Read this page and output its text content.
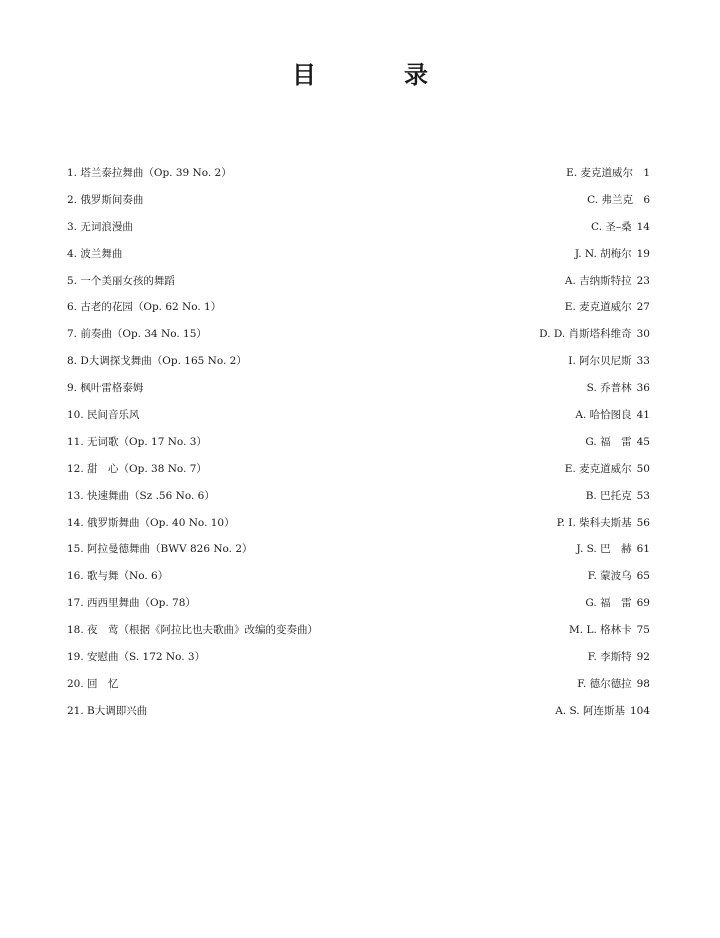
目　录
1. 塔兰泰拉舞曲（Op. 39 No. 2） ·····	E. 麦克道威尔 1
2. 俄罗斯间奏曲 ·····	C. 弗兰克 6
3. 无词浪漫曲 ·····	C. 圣–桑 14
4. 波兰舞曲 ·····	J. N. 胡梅尔 19
5. 一个美丽女孩的舞蹈 ·····	A. 吉纳斯特拉 23
6. 古老的花园（Op. 62 No. 1） ·····	E. 麦克道威尔 27
7. 前奏曲（Op. 34 No. 15） ·····	D. D. 肖斯塔科维奇 30
8. D大调探戈舞曲（Op. 165 No. 2） ·····	I. 阿尔贝尼斯 33
9. 枫叶雷格泰姆 ·····	S. 乔普林 36
10. 民间音乐风 ·····	A. 哈恰图良 41
11. 无词歌（Op. 17 No. 3） ·····	G. 福　雷 45
12. 甜　心（Op. 38 No. 7） ·····	E. 麦克道威尔 50
13. 快速舞曲（Sz .56 No. 6） ·····	B. 巴托克 53
14. 俄罗斯舞曲（Op. 40 No. 10） ·····	P. I. 柴科夫斯基 56
15. 阿拉曼德舞曲（BWV 826 No. 2） ·····	J. S. 巴　赫 61
16. 歌与舞（No. 6） ·····	F. 蒙波乌 65
17. 西西里舞曲（Op. 78） ·····	G. 福　雷 69
18. 夜　莺（根据《阿拉比也夫歌曲》改编的变奏曲） ·····	M. L. 格林卡 75
19. 安慰曲（S. 172 No. 3） ·····	F. 李斯特 92
20. 回　忆 ·····	F. 德尔德拉 98
21. B大调即兴曲 ·····	A. S. 阿连斯基 104
